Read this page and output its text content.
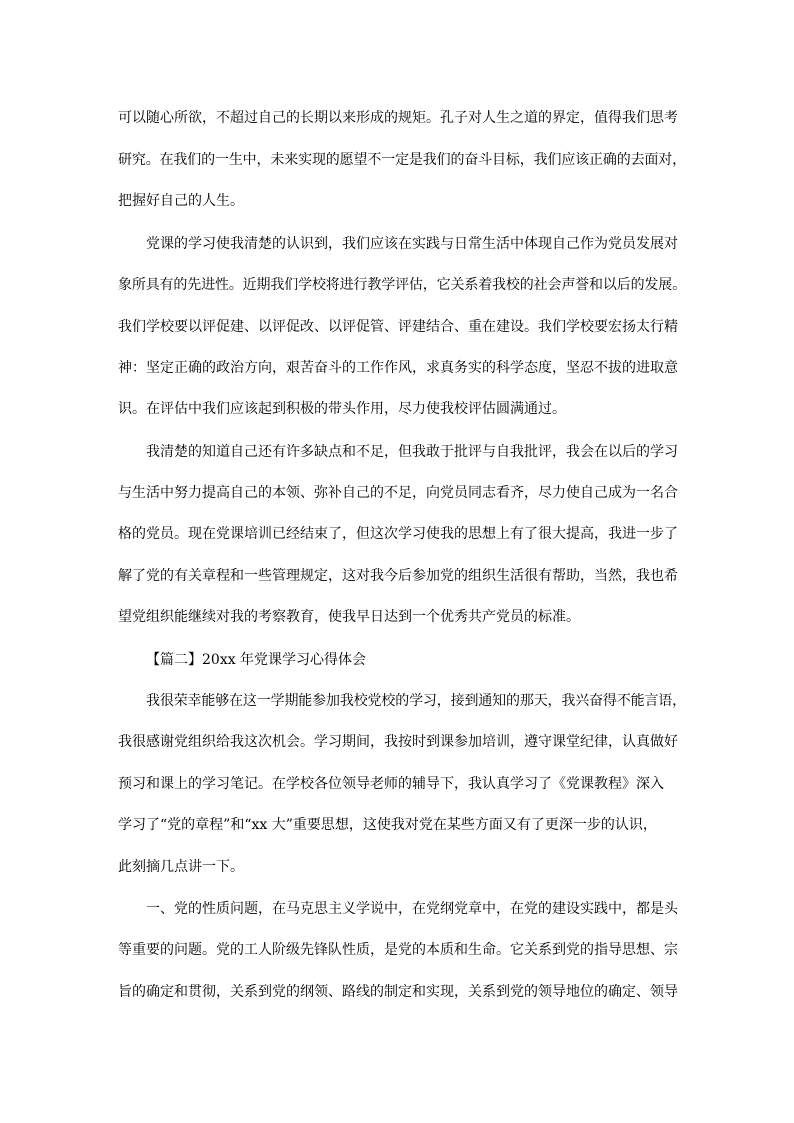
可以随心所欲，不超过自己的长期以来形成的规矩。孔子对人生之道的界定，值得我们思考
研究。在我们的一生中，未来实现的愿望不一定是我们的奋斗目标，我们应该正确的去面对，
把握好自己的人生。
党课的学习使我清楚的认识到，我们应该在实践与日常生活中体现自己作为党员发展对
象所具有的先进性。近期我们学校将进行教学评估，它关系着我校的社会声誉和以后的发展。
我们学校要以评促建、以评促改、以评促管、评建结合、重在建设。我们学校要宏扬太行精
神：坚定正确的政治方向，艰苦奋斗的工作作风，求真务实的科学态度，坚忍不拔的进取意
识。在评估中我们应该起到积极的带头作用，尽力使我校评估圆满通过。
我清楚的知道自己还有许多缺点和不足，但我敢于批评与自我批评，我会在以后的学习
与生活中努力提高自己的本领、弥补自己的不足，向党员同志看齐，尽力使自己成为一名合
格的党员。现在党课培训已经结束了，但这次学习使我的思想上有了很大提高，我进一步了
解了党的有关章程和一些管理规定，这对我今后参加党的组织生活很有帮助，当然，我也希
望党组织能继续对我的考察教育，使我早日达到一个优秀共产党员的标准。
【篇二】20xx 年党课学习心得体会
我很荣幸能够在这一学期能参加我校党校的学习，接到通知的那天，我兴奋得不能言语，
我很感谢党组织给我这次机会。学习期间，我按时到课参加培训，遵守课堂纪律，认真做好
预习和课上的学习笔记。在学校各位领导老师的辅导下，我认真学习了《党课教程》深入
学习了“党的章程”和“xx 大”重要思想，这使我对党在某些方面又有了更深一步的认识，
此刻摘几点讲一下。
一、党的性质问题，在马克思主义学说中，在党纲党章中，在党的建设实践中，都是头
等重要的问题。党的工人阶级先锋队性质，是党的本质和生命。它关系到党的指导思想、宗
旨的确定和贯彻，关系到党的纲领、路线的制定和实现，关系到党的领导地位的确定、领导
